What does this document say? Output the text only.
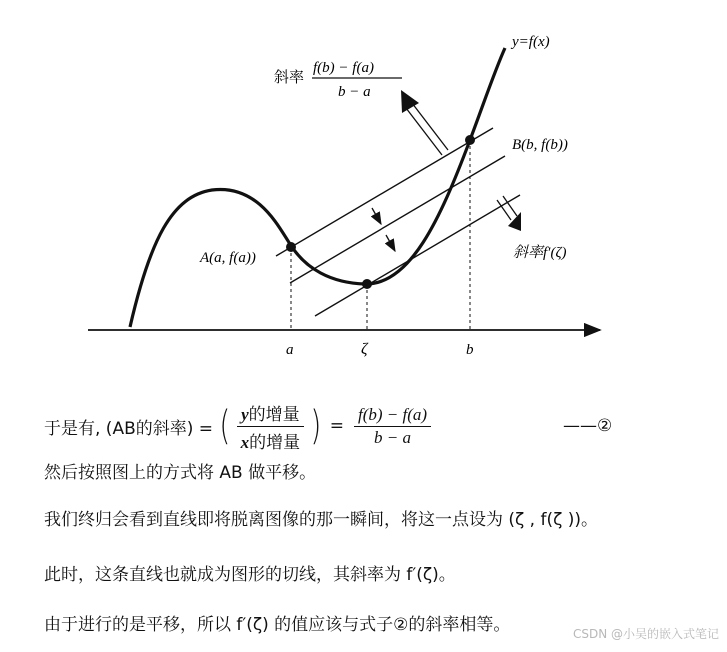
y=f(x)
斜率 f(b) − f(a)
b − a
B(b, f(b))
A(a, f(a))	斜率f′(ζ)
a	ζ	b
于是有, (AB的斜率) = ( $\frac{\text{y的增量}}{\text{x的增量}}$ ) = $\frac{f(b) - f(a)}{b - a}$	——②
然后按照图上的方式将 AB 做平移。
我们终归会看到直线即将脱离图像的那一瞬间，将这一点设为 (ζ , f(ζ ))。
此时，这条直线也就成为图形的切线，其斜率为 f′(ζ)。
由于进行的是平移，所以 f′(ζ) 的值应该与式子②的斜率相等。	CSDN @小吴的嵌入式笔记
